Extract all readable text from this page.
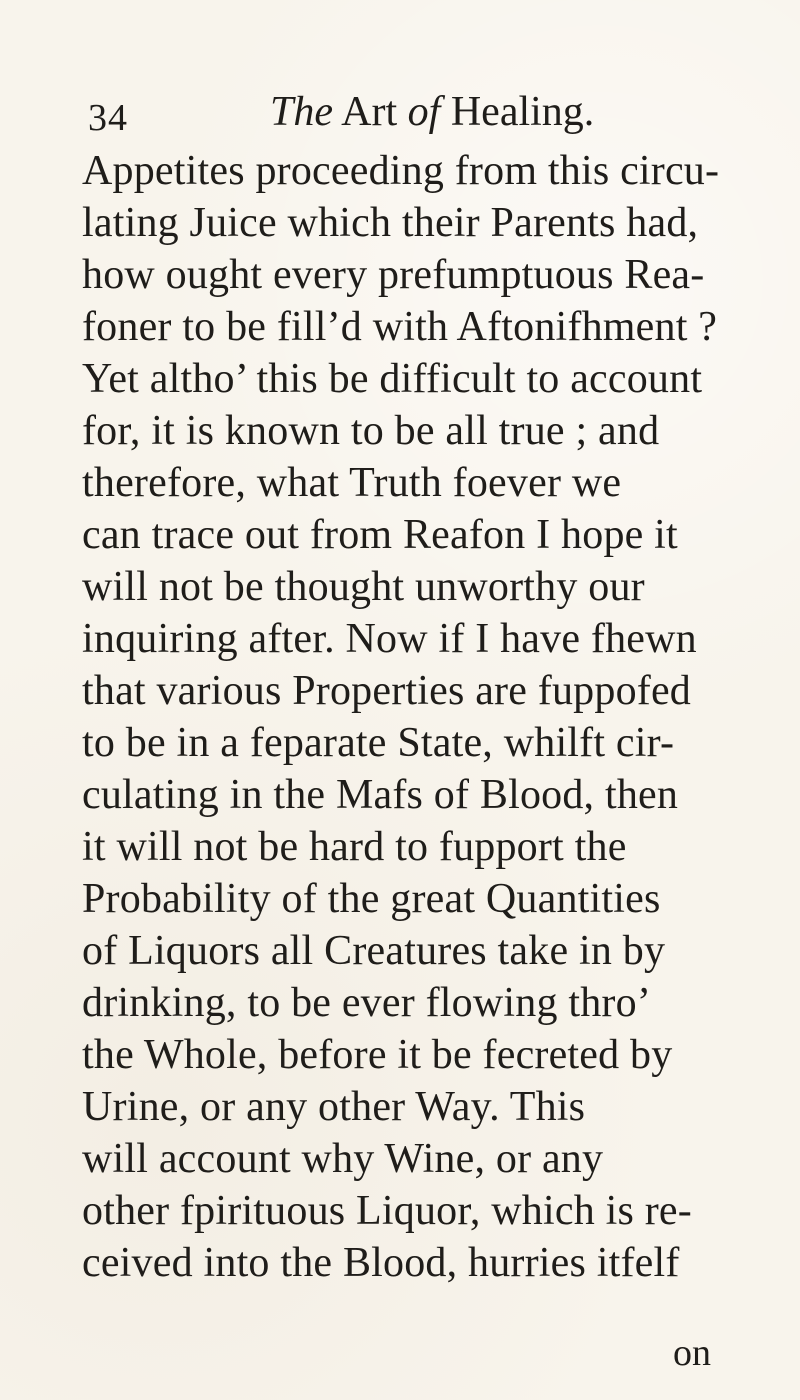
34	The Art of Healing.
Appetites proceeding from this circu-
lating Juice which their Parents had,
how ought every prefumptuous Rea-
foner to be fill’d with Aftonifhment ?
Yet altho’ this be difficult to account
for, it is known to be all true ; and
therefore, what Truth foever we
can trace out from Reafon I hope it
will not be thought unworthy our
inquiring after. Now if I have fhewn
that various Properties are fuppofed
to be in a feparate State, whilft cir-
culating in the Mafs of Blood, then
it will not be hard to fupport the
Probability of the great Quantities
of Liquors all Creatures take in by
drinking, to be ever flowing thro’
the Whole, before it be fecreted by
Urine, or any other Way. This
will account why Wine, or any
other fpirituous Liquor, which is re-
ceived into the Blood, hurries itfelf
on
